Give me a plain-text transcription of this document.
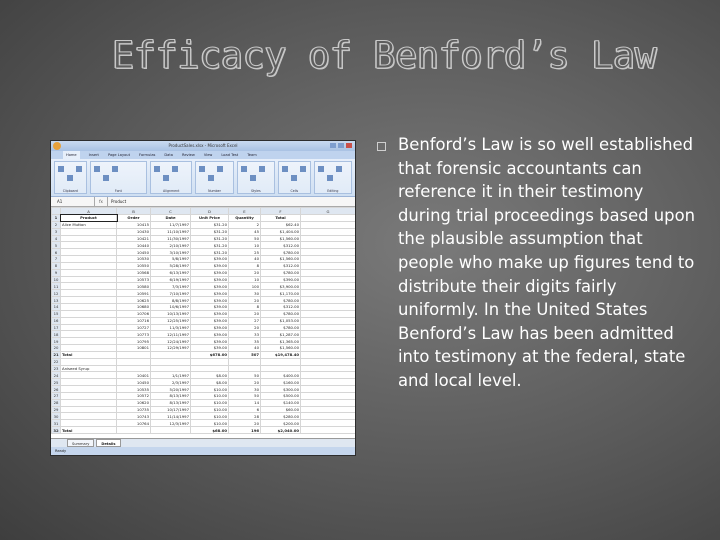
Efficacy of Benford’s Law
ProductSales.xlsx - Microsoft Excel
Home	Insert	Page Layout	Formulas	Data	Review	View	Load Test	Team
Clipboard	Font	Alignment	Number	Styles	Cells	Editing
A1	fx	Product
	A	B	C	D	E	F	G	
1	Product	Order	Date	Unit Price	Quantity	Total		
2	Alice Mutton	10415	11/7/1997	$31.20	2	$62.40		
3		10430	11/10/1997	$31.20	45	$1,404.00		
4		10421	11/30/1997	$31.20	50	$1,560.00		
5		10440	2/10/1997	$31.20	10	$312.00		
6		10450	3/10/1997	$31.20	25	$780.00		
7		10530	5/8/1997	$39.00	40	$1,560.00		
8		10550	5/28/1997	$39.00	8	$312.00		
9		10568	6/13/1997	$39.00	20	$780.00		
10		10573	6/19/1997	$39.00	10	$390.00		
11		10580	7/3/1997	$39.00	100	$3,900.00		
12		10591	7/10/1997	$39.00	30	$1,170.00		
13		10625	8/8/1997	$39.00	20	$780.00		
14		10680	10/6/1997	$39.00	8	$312.00		
15		10706	10/13/1997	$39.00	20	$780.00		
16		10716	12/25/1997	$39.00	27	$1,053.00		
17		10727	11/3/1997	$39.00	20	$780.00		
18		10773	12/11/1997	$39.00	33	$1,287.00		
19		10795	12/24/1997	$39.00	35	$1,365.00		
20		10801	12/29/1997	$39.00	40	$1,560.00		
21	Total			$678.00	507	$19,478.40		
22								
23	Aniseed Syrup							
24		10401	1/1/1997	$8.00	50	$400.00		
25		10450	2/3/1997	$8.00	20	$160.00		
26		10535	5/20/1997	$10.00	30	$300.00		
27		10572	8/13/1997	$10.00	50	$500.00		
28		10620	8/13/1997	$10.00	14	$140.00		
29		10735	10/17/1997	$10.00	6	$60.00		
30		10743	11/14/1997	$10.00	28	$280.00		
31		10764	12/3/1997	$10.00	20	$200.00		
32	Total			$68.00	196	$2,040.00		
Summary	Details
Ready
Benford’s Law is so well established that forensic accountants can reference it in their testimony during trial proceedings based upon the plausible assumption that people who make up figures tend to distribute their digits fairly uniformly. In the United States Benford’s Law has been admitted into testimony at the federal, state and local level.
